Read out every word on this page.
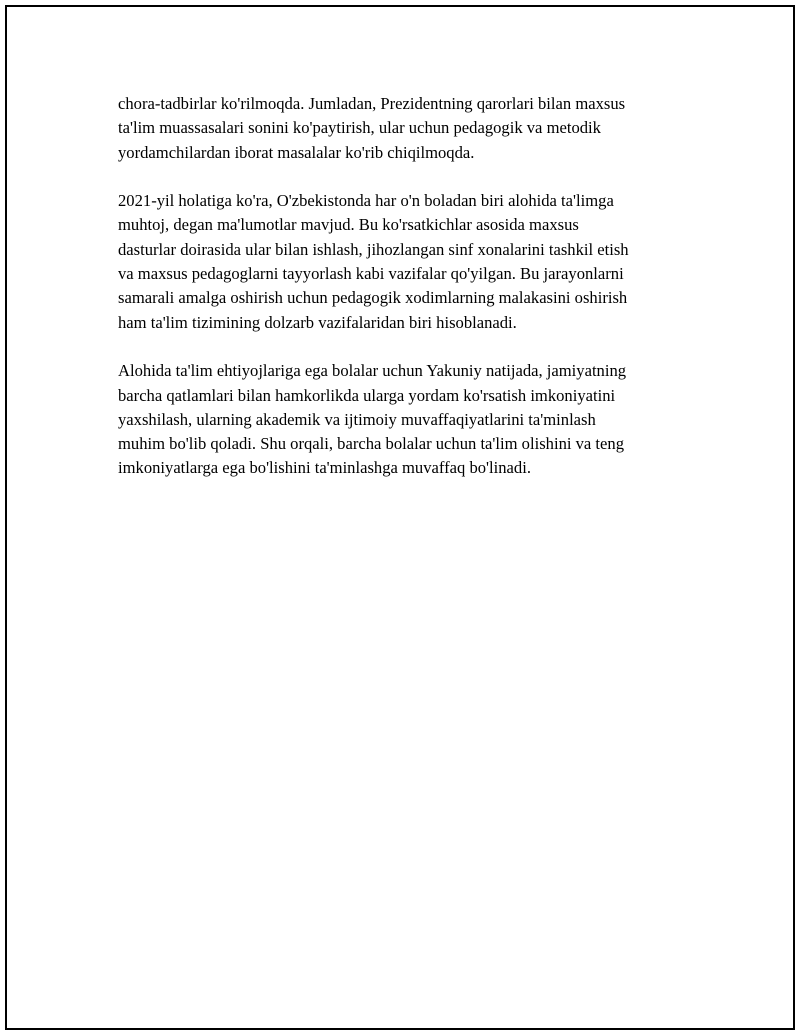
chora-tadbirlar ko'rilmoqda. Jumladan, Prezidentning qarorlari bilan maxsus
ta'lim muassasalari sonini ko'paytirish, ular uchun pedagogik va metodik
yordamchilardan iborat masalalar ko'rib chiqilmoqda.

2021-yil holatiga ko'ra, O'zbekistonda har o'n boladan biri alohida ta'limga
muhtoj, degan ma'lumotlar mavjud. Bu ko'rsatkichlar asosida maxsus
dasturlar doirasida ular bilan ishlash, jihozlangan sinf xonalarini tashkil etish
va maxsus pedagoglarni tayyorlash kabi vazifalar qo'yilgan. Bu jarayonlarni
samarali amalga oshirish uchun pedagogik xodimlarning malakasini oshirish
ham ta'lim tizimining dolzarb vazifalaridan biri hisoblanadi.

Alohida ta'lim ehtiyojlariga ega bolalar uchun Yakuniy natijada, jamiyatning
barcha qatlamlari bilan hamkorlikda ularga yordam ko'rsatish imkoniyatini
yaxshilash, ularning akademik va ijtimoiy muvaffaqiyatlarini ta'minlash
muhim bo'lib qoladi. Shu orqali, barcha bolalar uchun ta'lim olishini va teng
imkoniyatlarga ega bo'lishini ta'minlashga muvaffaq bo'linadi.
